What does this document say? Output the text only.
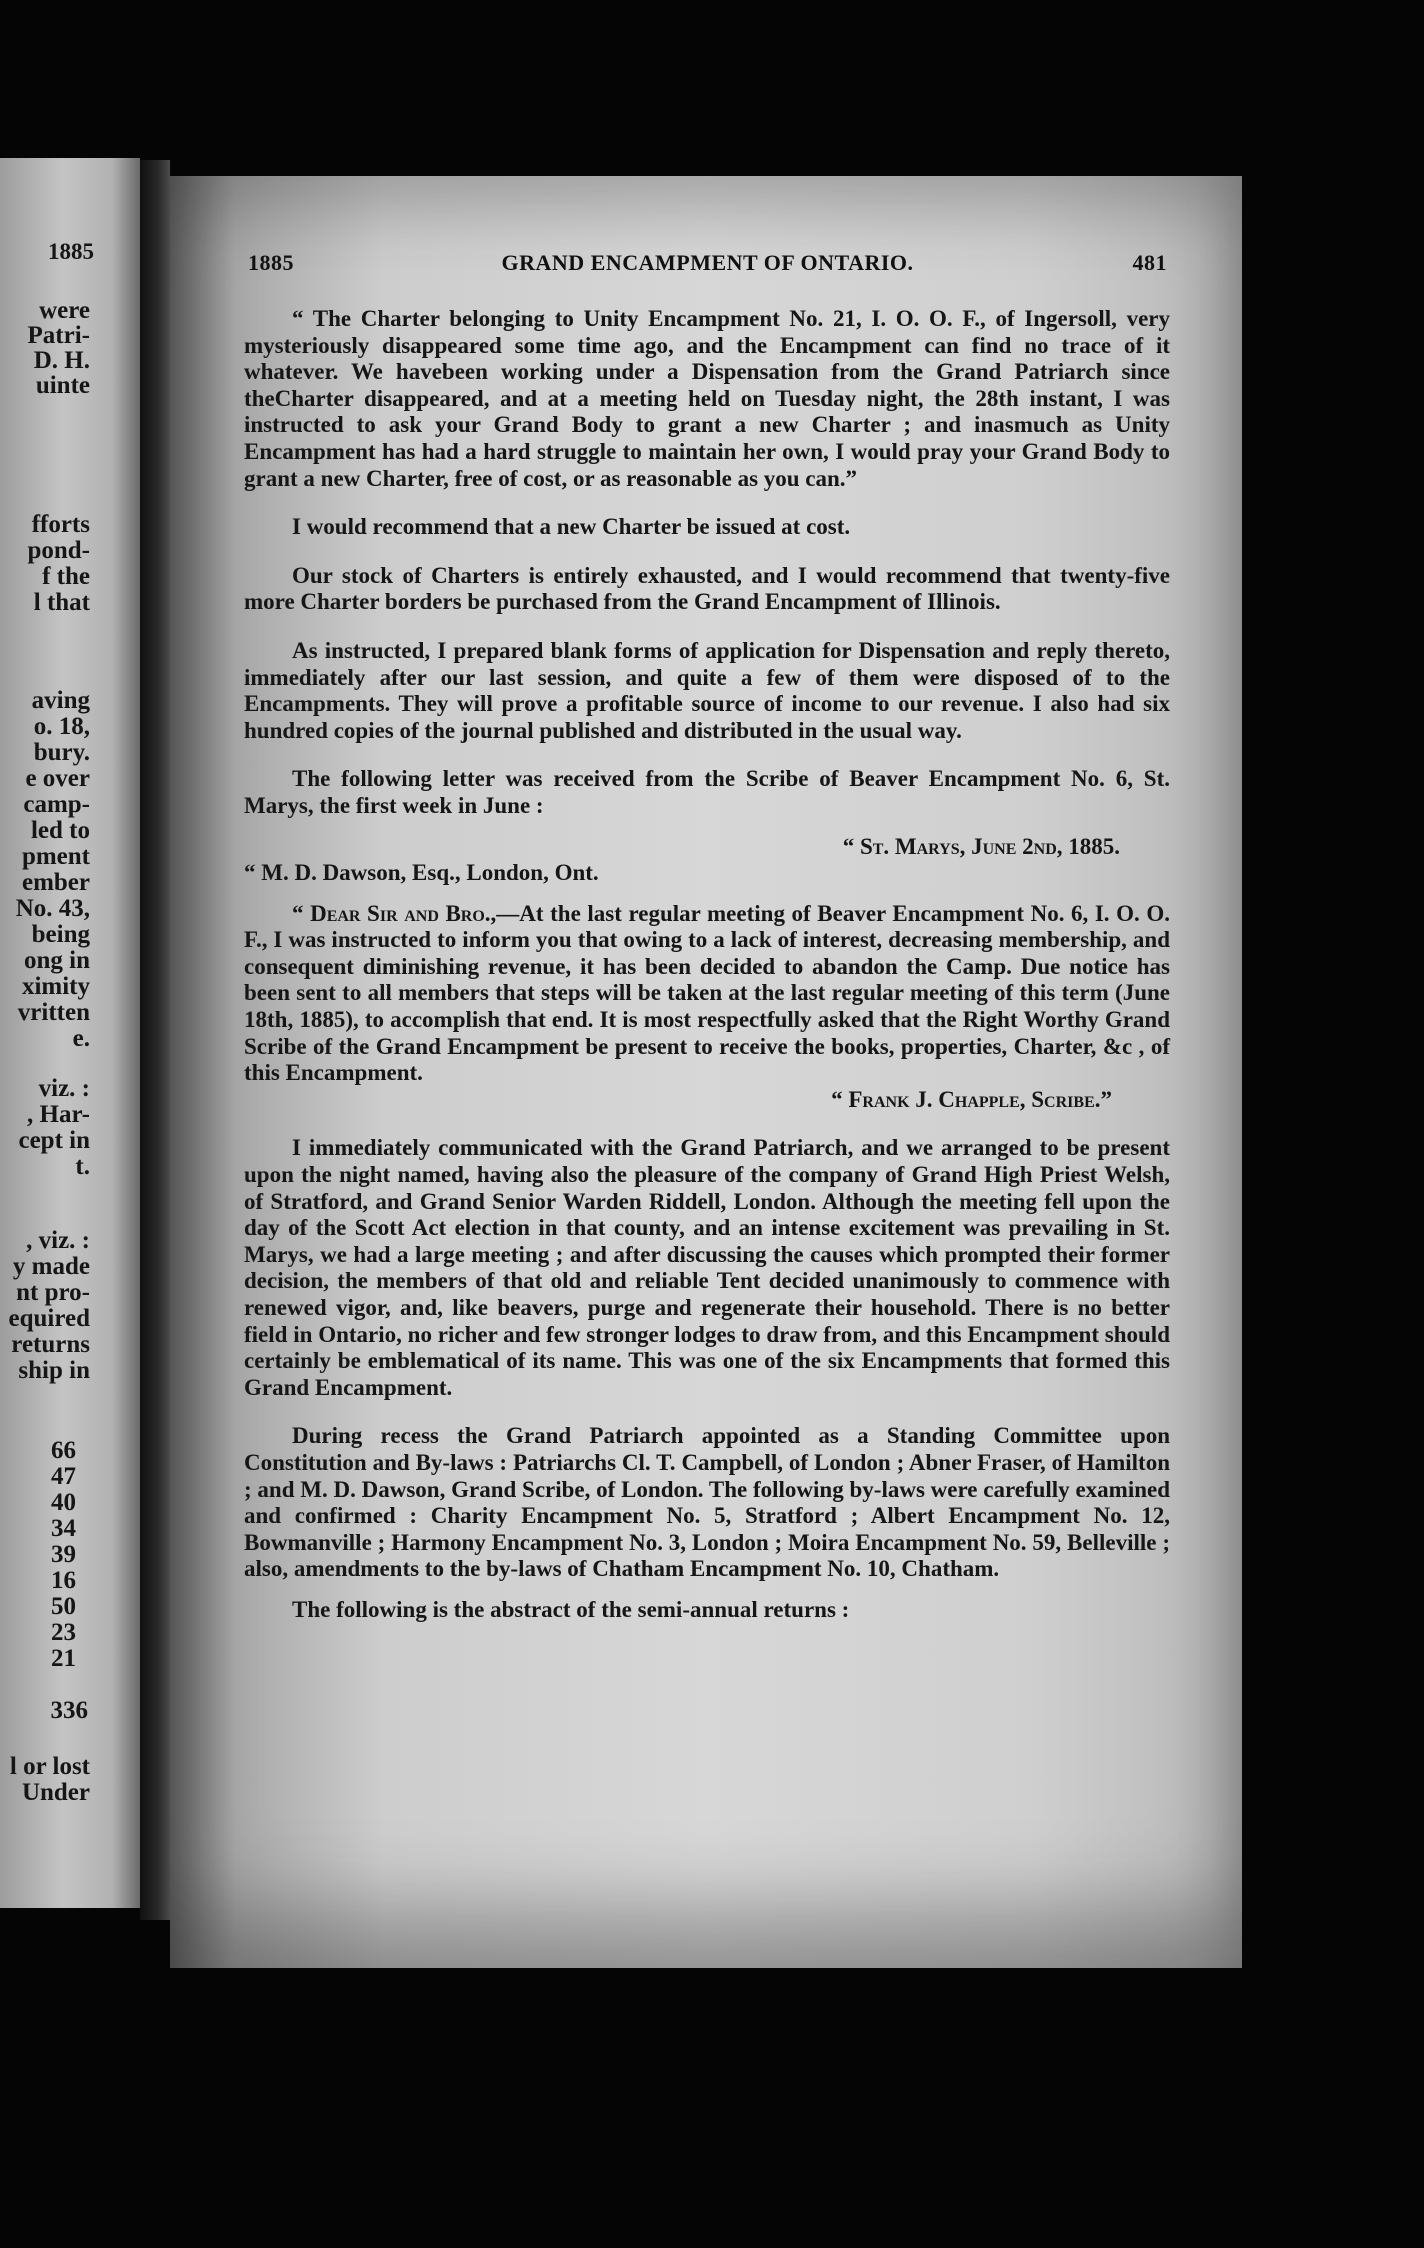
1885
were
Patri-
D. H.
uinte
fforts
pond-
f the
l that
aving
o. 18,
bury.
e over
camp-
led to
pment
ember
No. 43,
being
ong in
ximity
vritten
e.
viz. :
, Har-
cept in
t.
, viz. :
y made
nt pro-
equired
returns
ship in
66
47
40
34
39
16
50
23
21
336
l or lost
Under
1885	GRAND ENCAMPMENT OF ONTARIO.	481

“ The Charter belonging to Unity Encampment No. 21, I. O. O. F., of Ingersoll, very mysteriously disappeared some time ago, and the Encampment can find no trace of it whatever. We havebeen working under a Dispensation from the Grand Patriarch since theCharter disappeared, and at a meeting held on Tuesday night, the 28th instant, I was instructed to ask your Grand Body to grant a new Charter ; and inasmuch as Unity Encampment has had a hard struggle to maintain her own, I would pray your Grand Body to grant a new Charter, free of cost, or as reasonable as you can.”

I would recommend that a new Charter be issued at cost.

Our stock of Charters is entirely exhausted, and I would recommend that twenty-five more Charter borders be purchased from the Grand Encampment of Illinois.

As instructed, I prepared blank forms of application for Dispensation and reply thereto, immediately after our last session, and quite a few of them were disposed of to the Encampments. They will prove a profitable source of income to our revenue. I also had six hundred copies of the journal published and distributed in the usual way.

The following letter was received from the Scribe of Beaver Encampment No. 6, St. Marys, the first week in June :

“ St. Marys, June 2nd, 1885.
“ M. D. Dawson, Esq., London, Ont.

“ Dear Sir and Bro.,—At the last regular meeting of Beaver Encampment No. 6, I. O. O. F., I was instructed to inform you that owing to a lack of interest, decreasing membership, and consequent diminishing revenue, it has been decided to abandon the Camp. Due notice has been sent to all members that steps will be taken at the last regular meeting of this term (June 18th, 1885), to accomplish that end. It is most respectfully asked that the Right Worthy Grand Scribe of the Grand Encampment be present to receive the books, properties, Charter, &c , of this Encampment.

“ Frank J. Chapple, Scribe.”

I immediately communicated with the Grand Patriarch, and we arranged to be present upon the night named, having also the pleasure of the company of Grand High Priest Welsh, of Stratford, and Grand Senior Warden Riddell, London. Although the meeting fell upon the day of the Scott Act election in that county, and an intense excitement was prevailing in St. Marys, we had a large meeting ; and after discussing the causes which prompted their former decision, the members of that old and reliable Tent decided unanimously to commence with renewed vigor, and, like beavers, purge and regenerate their household. There is no better field in Ontario, no richer and few stronger lodges to draw from, and this Encampment should certainly be emblematical of its name. This was one of the six Encampments that formed this Grand Encampment.

During recess the Grand Patriarch appointed as a Standing Committee upon Constitution and By-laws : Patriarchs Cl. T. Campbell, of London ; Abner Fraser, of Hamilton ; and M. D. Dawson, Grand Scribe, of London. The following by-laws were carefully examined and confirmed : Charity Encampment No. 5, Stratford ; Albert Encampment No. 12, Bowmanville ; Harmony Encampment No. 3, London ; Moira Encampment No. 59, Belleville ; also, amendments to the by-laws of Chatham Encampment No. 10, Chatham.

The following is the abstract of the semi-annual returns :
